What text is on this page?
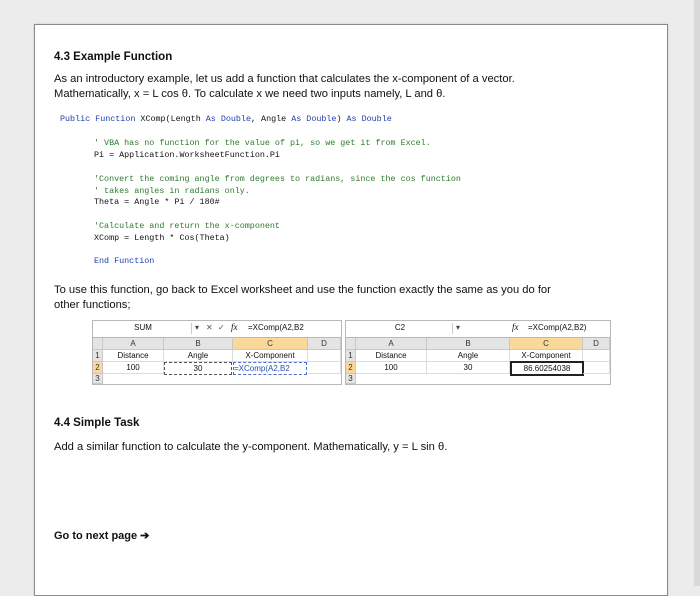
4.3 Example Function
As an introductory example, let us add a function that calculates the x-component of a vector.
Mathematically, x = L cos θ. To calculate x we need two inputs namely, L and θ.
Public Function XComp(Length As Double, Angle As Double) As Double
' VBA has no function for the value of pi, so we get it from Excel.
Pi = Application.WorksheetFunction.Pi
'Convert the coming angle from degrees to radians, since the cos function
' takes angles in radians only.
Theta = Angle * Pi / 180#
'Calculate and return the x-component
XComp = Length * Cos(Theta)
End Function
To use this function, go back to Excel worksheet and use the function exactly the same as you do for
other functions;
SUM	▾ ✕ ✓ fx =XComp(A2,B2
A	B	C	D
1
2
3
Distance	Angle	X-Component
100	30	=XComp(A2,B2
C2	▾	fx =XComp(A2,B2)
A	B	C	D
1
2
3
Distance	Angle	X-Component
100	30	86.60254038
4.4 Simple Task
Add a similar function to calculate the y-component. Mathematically, y = L sin θ.
Go to next page ➔
